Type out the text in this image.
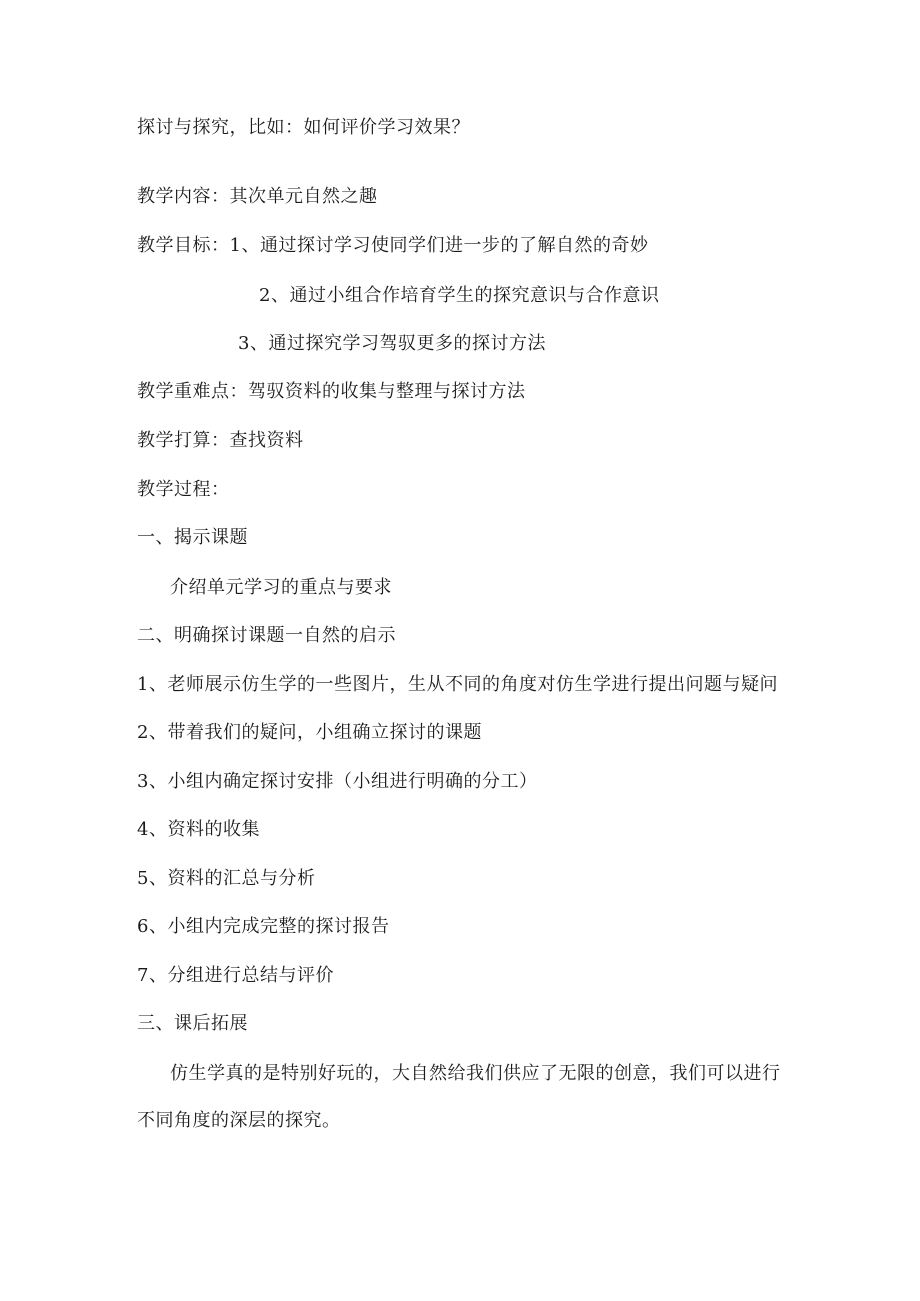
探讨与探究，比如：如何评价学习效果？
教学内容：其次单元自然之趣
教学目标：1、通过探讨学习使同学们进一步的了解自然的奇妙
2、通过小组合作培育学生的探究意识与合作意识
3、通过探究学习驾驭更多的探讨方法
教学重难点：驾驭资料的收集与整理与探讨方法
教学打算：查找资料
教学过程：
一、揭示课题
介绍单元学习的重点与要求
二、明确探讨课题一自然的启示
1、老师展示仿生学的一些图片，生从不同的角度对仿生学进行提出问题与疑问
2、带着我们的疑问，小组确立探讨的课题
3、小组内确定探讨安排（小组进行明确的分工）
4、资料的收集
5、资料的汇总与分析
6、小组内完成完整的探讨报告
7、分组进行总结与评价
三、课后拓展
仿生学真的是特别好玩的，大自然给我们供应了无限的创意，我们可以进行
不同角度的深层的探究。
